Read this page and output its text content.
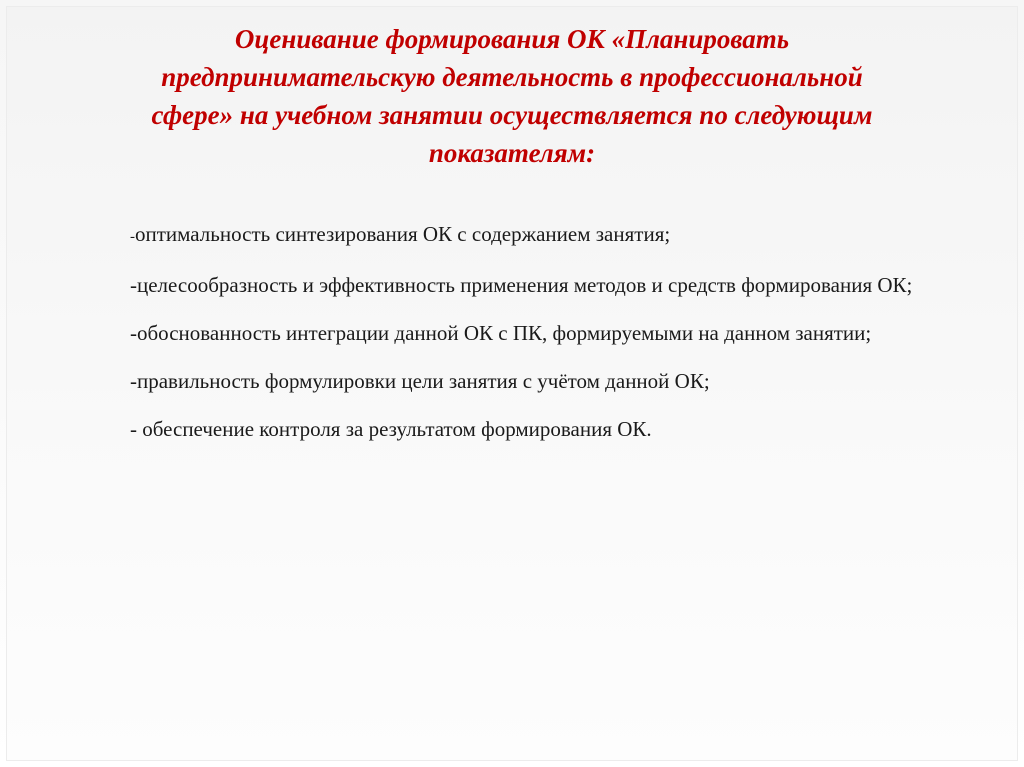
Оценивание формирования ОК «Планировать
предпринимательскую деятельность в профессиональной
сфере» на учебном занятии осуществляется по следующим
показателям:

-оптимальность синтезирования ОК с содержанием занятия;

-целесообразность и эффективность применения методов и средств формирования ОК;

-обоснованность интеграции данной ОК с ПК, формируемыми на данном занятии;

-правильность формулировки цели занятия с учётом данной ОК;

- обеспечение контроля за результатом формирования ОК.
